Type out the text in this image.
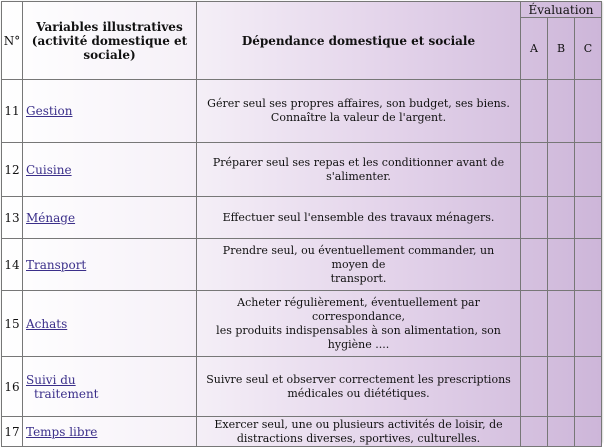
N°	Variables illustratives
(activité domestique et sociale)	Dépendance domestique et sociale	Évaluation		
			A	B	C
11	Gestion	Gérer seul ses propres affaires, son budget, ses biens.
Connaître la valeur de l'argent.			
12	Cuisine	Préparer seul ses repas et les conditionner avant de
s'alimenter.			
13	Ménage	Effectuer seul l'ensemble des travaux ménagers.			
14	Transport	Prendre seul, ou éventuellement commander, un moyen de
transport.			
15	Achats	Acheter régulièrement, éventuellement par correspondance,
les produits indispensables à son alimentation, son hygiène ....			
16	Suivi du
traitement	Suivre seul et observer correctement les prescriptions
médicales ou diététiques.			
17	Temps libre	Exercer seul, une ou plusieurs activités de loisir, de
distractions diverses, sportives, culturelles.			
